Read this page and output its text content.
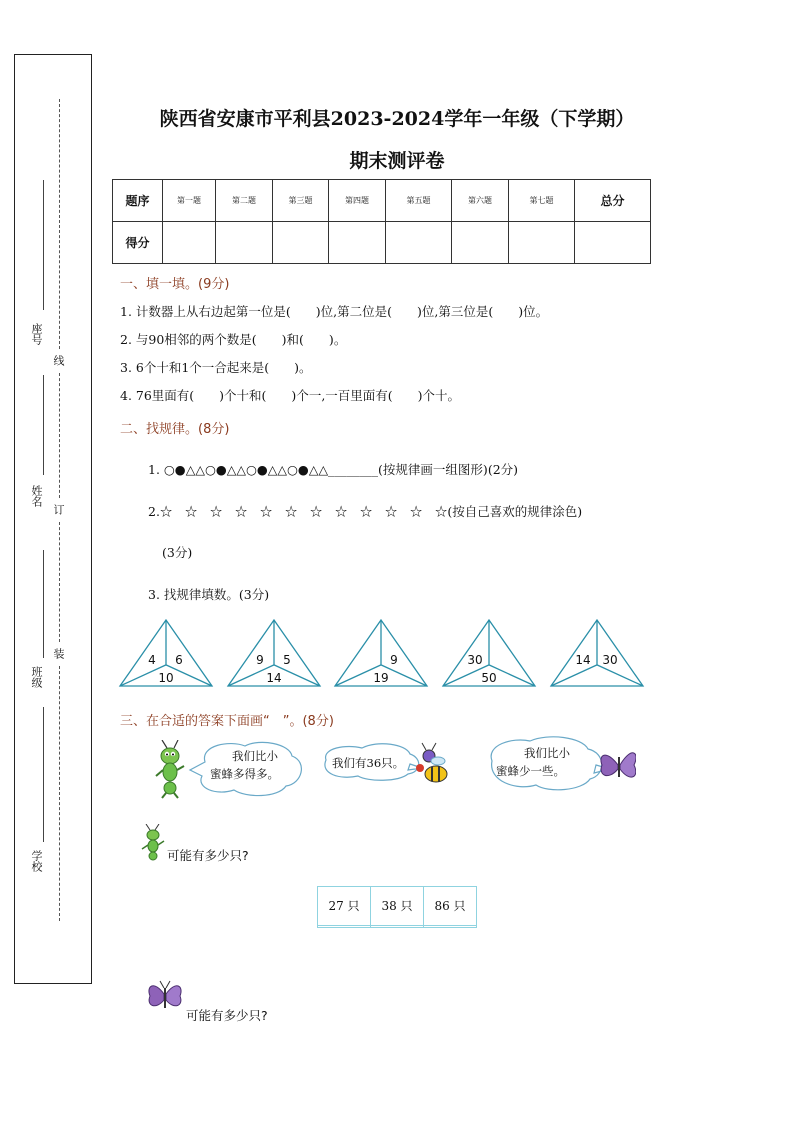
座号
姓名
班级
学校
线
订
装
陕西省安康市平利县2023-2024学年一年级（下学期）
期末测评卷
题序	第一题	第二题	第三题	第四题	第五题	第六题	第七题	总分
得分								
一、填一填。(9分)
1. 计数器上从右边起第一位是(　　)位,第二位是(　　)位,第三位是(　　)位。
2. 与90相邻的两个数是(　　)和(　　)。
3. 6个十和1个一合起来是(　　)。
4. 76里面有(　　)个十和(　　)个一,一百里面有(　　)个十。
二、找规律。(8分)
1. ○●△△○●△△○●△△○●△△________(按规律画一组图形)(2分)
2.☆　☆　☆　☆　☆　☆　☆　☆　☆　☆　☆　☆(按自己喜欢的规律涂色)
(3分)
3. 找规律填数。(3分)
4 6
10
9 5
14
9
19
30
50
14 30
三、在合适的答案下面画“　”。(8分)
我们比小
蜜蜂多得多。
我们有36只。
我们比小
蜜蜂少一些。
可能有多少只?
27 只	38 只	86 只

可能有多少只?
